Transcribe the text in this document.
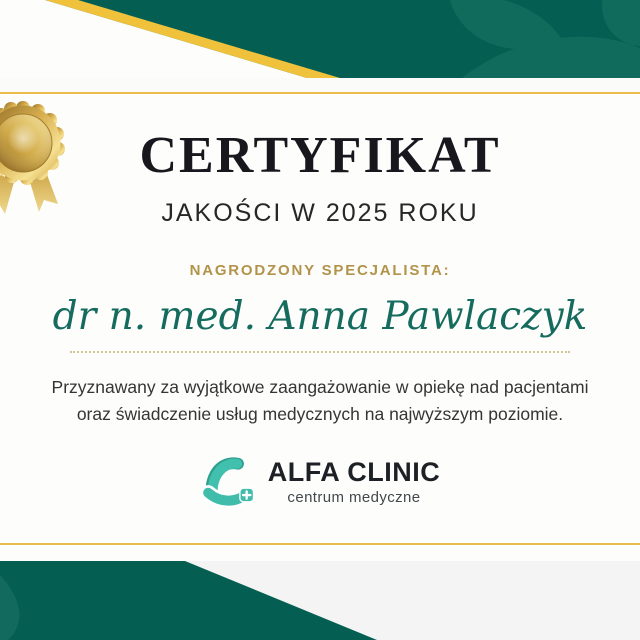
CERTYFIKAT
JAKOŚCI W 2025 ROKU
NAGRODZONY SPECJALISTA:
dr n. med. Anna Pawlaczyk
Przyznawany za wyjątkowe zaangażowanie w opiekę nad pacjentami
oraz świadczenie usług medycznych na najwyższym poziomie.
ALFA CLINIC
centrum medyczne
